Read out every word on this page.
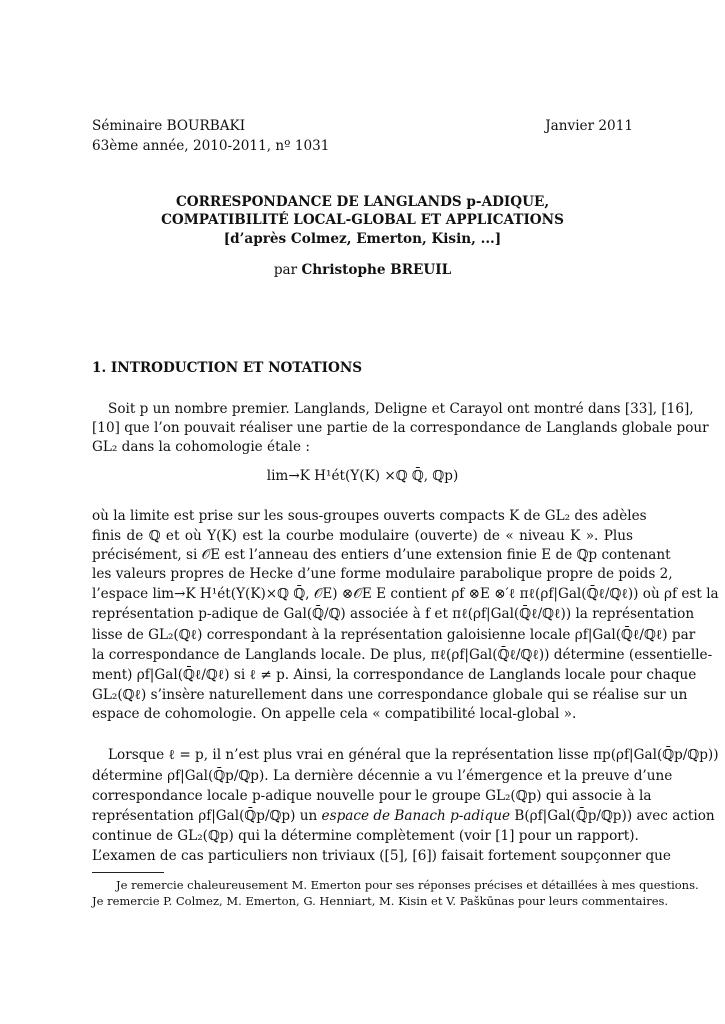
Séminaire BOURBAKI	Janvier 2011
63ème année, 2010-2011, nº 1031
CORRESPONDANCE DE LANGLANDS p-ADIQUE,
COMPATIBILITÉ LOCAL-GLOBAL ET APPLICATIONS
[d’après Colmez, Emerton, Kisin, ...]
par Christophe BREUIL
1. INTRODUCTION ET NOTATIONS
Soit p un nombre premier. Langlands, Deligne et Carayol ont montré dans [33], [16],
[10] que l’on pouvait réaliser une partie de la correspondance de Langlands globale pour
GL₂ dans la cohomologie étale :
lim→K H¹ét(Y(K) ×ℚ ℚ̄, ℚp)
où la limite est prise sur les sous-groupes ouverts compacts K de GL₂ des adèles
finis de ℚ et où Y(K) est la courbe modulaire (ouverte) de « niveau K ». Plus
précisément, si 𝒪E est l’anneau des entiers d’une extension finie E de ℚp contenant
les valeurs propres de Hecke d’une forme modulaire parabolique propre de poids 2,
l’espace lim→K H¹ét(Y(K)×ℚ ℚ̄, 𝒪E) ⊗𝒪E E contient ρf ⊗E ⊗′ℓ πℓ(ρf|Gal(ℚ̄ℓ/ℚℓ)) où ρf est la
représentation p-adique de Gal(ℚ̄/ℚ) associée à f et πℓ(ρf|Gal(ℚ̄ℓ/ℚℓ)) la représentation
lisse de GL₂(ℚℓ) correspondant à la représentation galoisienne locale ρf|Gal(ℚ̄ℓ/ℚℓ) par
la correspondance de Langlands locale. De plus, πℓ(ρf|Gal(ℚ̄ℓ/ℚℓ)) détermine (essentielle-
ment) ρf|Gal(ℚ̄ℓ/ℚℓ) si ℓ ≠ p. Ainsi, la correspondance de Langlands locale pour chaque
GL₂(ℚℓ) s’insère naturellement dans une correspondance globale qui se réalise sur un
espace de cohomologie. On appelle cela « compatibilité local-global ».
Lorsque ℓ = p, il n’est plus vrai en général que la représentation lisse πp(ρf|Gal(ℚ̄p/ℚp))
détermine ρf|Gal(ℚ̄p/ℚp). La dernière décennie a vu l’émergence et la preuve d’une
correspondance locale p-adique nouvelle pour le groupe GL₂(ℚp) qui associe à la
représentation ρf|Gal(ℚ̄p/ℚp) un espace de Banach p-adique B(ρf|Gal(ℚ̄p/ℚp)) avec action
continue de GL₂(ℚp) qui la détermine complètement (voir [1] pour un rapport).
L’examen de cas particuliers non triviaux ([5], [6]) faisait fortement soupçonner que
Je remercie chaleureusement M. Emerton pour ses réponses précises et détaillées à mes questions.
Je remercie P. Colmez, M. Emerton, G. Henniart, M. Kisin et V. Paškūnas pour leurs commentaires.
